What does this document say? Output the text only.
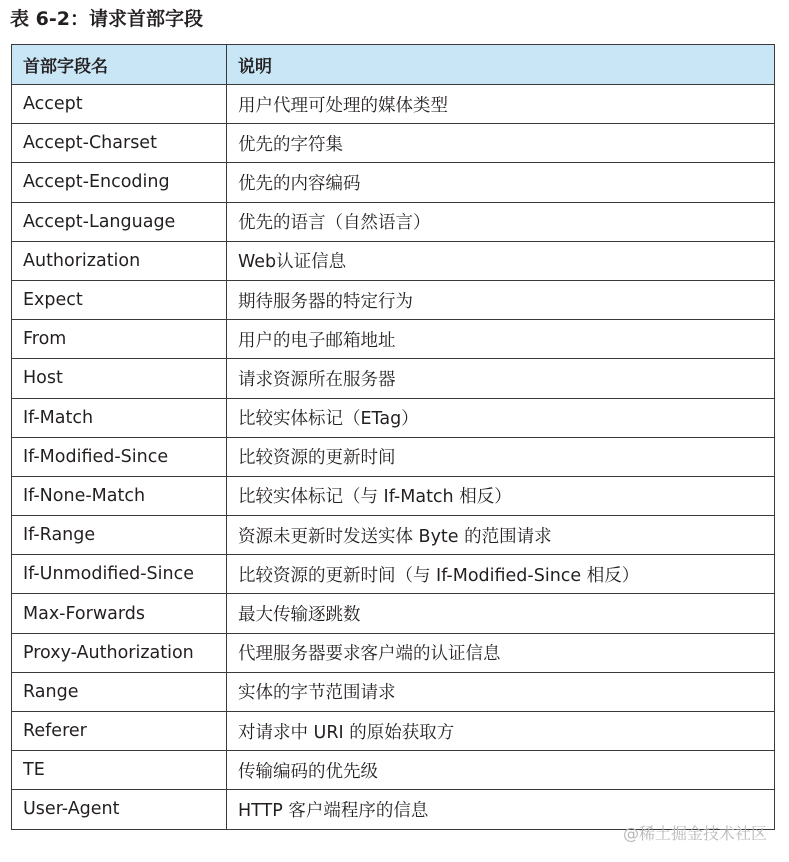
表 6-2：请求首部字段
首部字段名	说明
Accept	用户代理可处理的媒体类型
Accept-Charset	优先的字符集
Accept-Encoding	优先的内容编码
Accept-Language	优先的语言（自然语言）
Authorization	Web认证信息
Expect	期待服务器的特定行为
From	用户的电子邮箱地址
Host	请求资源所在服务器
If-Match	比较实体标记（ETag）
If-Modified-Since	比较资源的更新时间
If-None-Match	比较实体标记（与 If-Match 相反）
If-Range	资源未更新时发送实体 Byte 的范围请求
If-Unmodified-Since	比较资源的更新时间（与 If-Modified-Since 相反）
Max-Forwards	最大传输逐跳数
Proxy-Authorization	代理服务器要求客户端的认证信息
Range	实体的字节范围请求
Referer	对请求中 URI 的原始获取方
TE	传输编码的优先级
User-Agent	HTTP 客户端程序的信息
@稀土掘金技术社区
